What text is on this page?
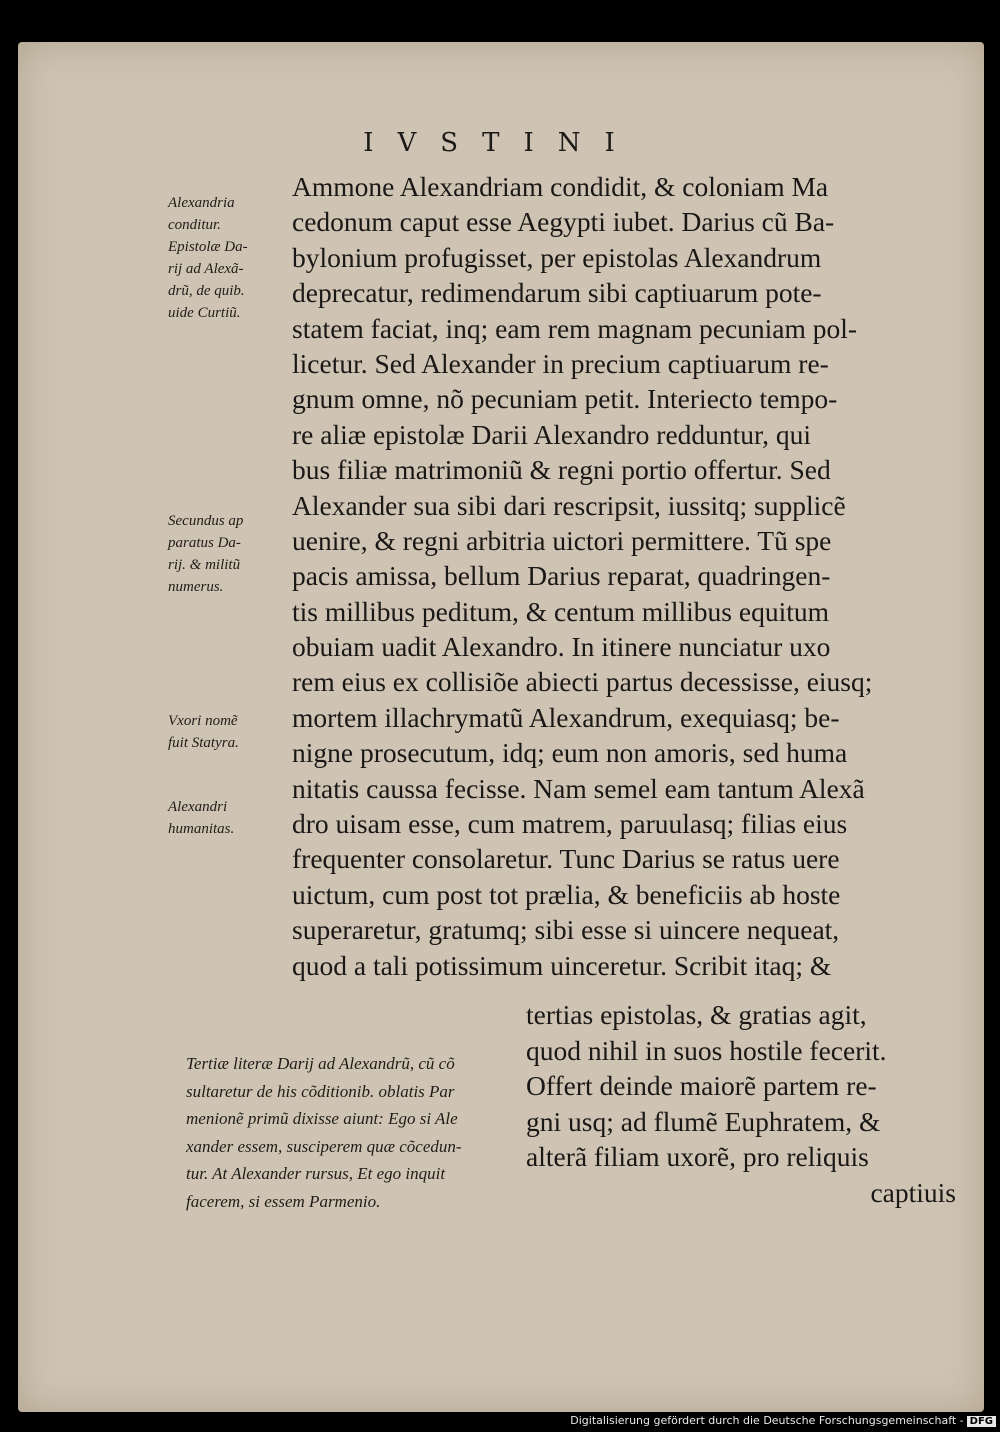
IVSTINI
Alexandria
conditur.
Epistolæ Da-
rij ad Alexã-
drũ, de quib.
uide Curtiũ.
Secundus ap
paratus Da-
rij. & militũ
numerus.
Vxori nomẽ
fuit Statyra.
Alexandri
humanitas.
Ammone Alexandriam condidit, & coloniam Ma
cedonum caput esse Aegypti iubet. Darius cũ Ba-
bylonium profugisset, per epistolas Alexandrum
deprecatur, redimendarum sibi captiuarum pote-
statem faciat, inq; eam rem magnam pecuniam pol-
licetur. Sed Alexander in precium captiuarum re-
gnum omne, nõ pecuniam petit. Interiecto tempo-
re aliæ epistolæ Darii Alexandro redduntur, qui
bus filiæ matrimoniũ & regni portio offertur. Sed
Alexander sua sibi dari rescripsit, iussitq; supplicẽ
uenire, & regni arbitria uictori permittere. Tũ spe
pacis amissa, bellum Darius reparat, quadringen-
tis millibus peditum, & centum millibus equitum
obuiam uadit Alexandro. In itinere nunciatur uxo
rem eius ex collisiõe abiecti partus decessisse, eiusq;
mortem illachrymatũ Alexandrum, exequiasq; be-
nigne prosecutum, idq; eum non amoris, sed huma
nitatis caussa fecisse. Nam semel eam tantum Alexã
dro uisam esse, cum matrem, paruulasq; filias eius
frequenter consolaretur. Tunc Darius se ratus uere
uictum, cum post tot prælia, & beneficiis ab hoste
superaretur, gratumq; sibi esse si uincere nequeat,
quod a tali potissimum uinceretur. Scribit itaq; &
Tertiæ literæ Darij ad Alexandrũ, cũ cõ
sultaretur de his cõditionib. oblatis Par
menionẽ primũ dixisse aiunt: Ego si Ale
xander essem, susciperem quæ cõcedun-
tur. At Alexander rursus, Et ego inquit
facerem, si essem Parmenio.
tertias epistolas, & gratias agit,
quod nihil in suos hostile fecerit.
Offert deinde maiorẽ partem re-
gni usq; ad flumẽ Euphratem, &
alterã filiam uxorẽ, pro reliquis
captiuis
Digitalisierung gefördert durch die Deutsche Forschungsgemeinschaft - DFG
